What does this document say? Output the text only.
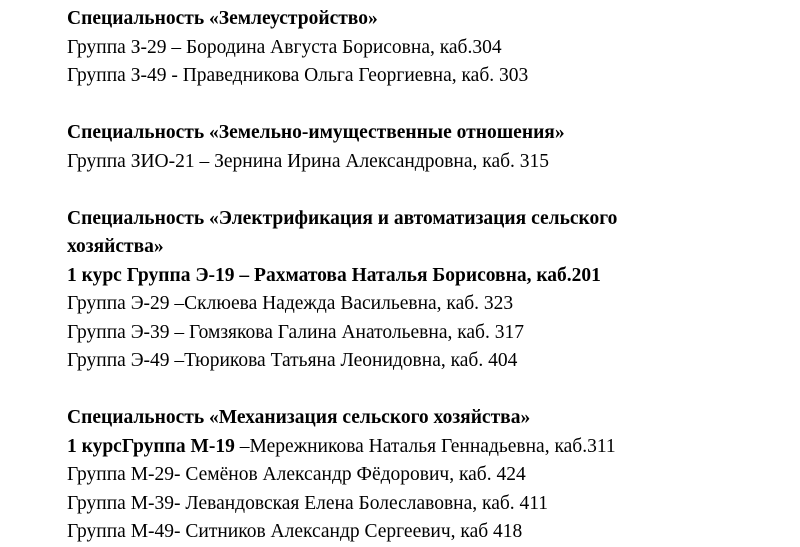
Специальность «Землеустройство»
Группа З-29 – Бородина Августа Борисовна, каб.304
Группа З-49 - Праведникова Ольга Георгиевна, каб. 303
Специальность «Земельно-имущественные отношения»
Группа ЗИО-21 – Зернина Ирина Александровна, каб. 315
Специальность «Электрификация и автоматизация сельского
хозяйства»
1 курс Группа Э-19 – Рахматова Наталья Борисовна, каб.201
Группа Э-29 –Склюева Надежда Васильевна, каб. 323
Группа Э-39 – Гомзякова Галина Анатольевна, каб. 317
Группа Э-49 –Тюрикова Татьяна Леонидовна, каб. 404
Специальность «Механизация сельского хозяйства»
1 курсГруппа М-19 –Мережникова Наталья Геннадьевна, каб.311
Группа М-29- Семёнов Александр Фёдорович, каб. 424
Группа М-39- Левандовская Елена Болеславовна, каб. 411
Группа М-49- Ситников Александр Сергеевич, каб 418
